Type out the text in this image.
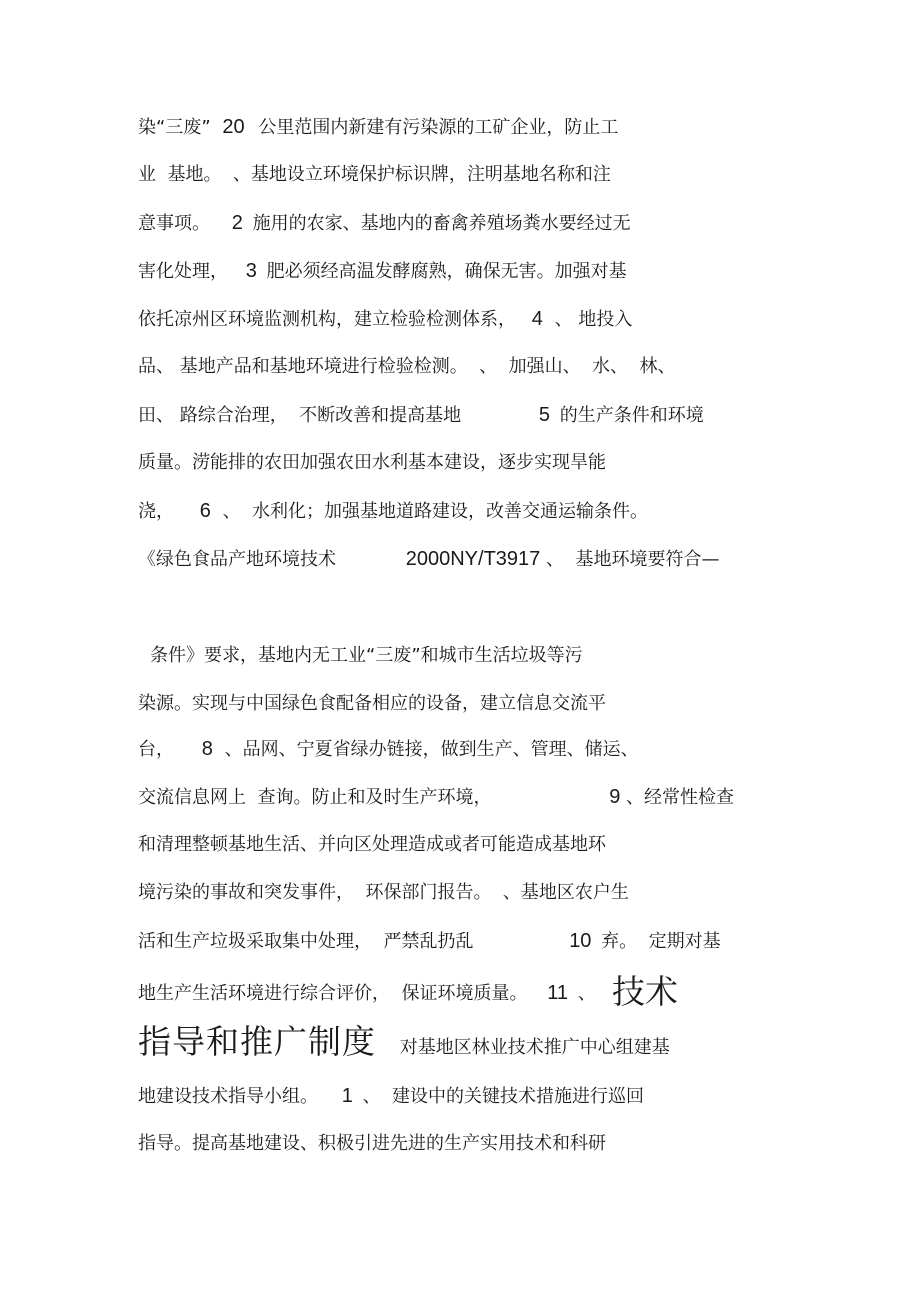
染“三废” 20 公里范围内新建有污染源的工矿企业，防止工
业  基地。  、基地设立环境保护标识牌，注明基地名称和注
意事项。 2 施用的农家、基地内的畜禽养殖场粪水要经过无
害化处理， 3 肥必须经高温发酵腐熟，确保无害。加强对基
依托凉州区环境监测机构，建立检验检测体系， 4 、 地投入
品、 基地产品和基地环境进行检验检测。  、  加强山、  水、  林、
田、 路综合治理，  不断改善和提高基地	5 的生产条件和环境
质量。涝能排的农田加强农田水利基本建设，逐步实现旱能
浇， 6 、  水利化；加强基地道路建设，改善交通运输条件。
《绿色食品产地环境技术	2000NY/T3917 、  基地环境要符合—
条件》要求，基地内无工业“三废”和城市生活垃圾等污
染源。实现与中国绿色食配备相应的设备，建立信息交流平
台， 8 、品网、宁夏省绿办链接，做到生产、管理、储运、
交流信息网上  查询。防止和及时生产环境，	9 、经常性检查
和清理整顿基地生活、并向区处理造成或者可能造成基地环
境污染的事故和突发事件，  环保部门报告。  、基地区农户生
活和生产垃圾采取集中处理，  严禁乱扔乱	10 弃。  定期对基
地生产生活环境进行综合评价，  保证环境质量。 11 、 技术
指导和推广制度 对基地区林业技术推广中心组建基
地建设技术指导小组。 1 、  建设中的关键技术措施进行巡回
指导。提高基地建设、积极引进先进的生产实用技术和科研
